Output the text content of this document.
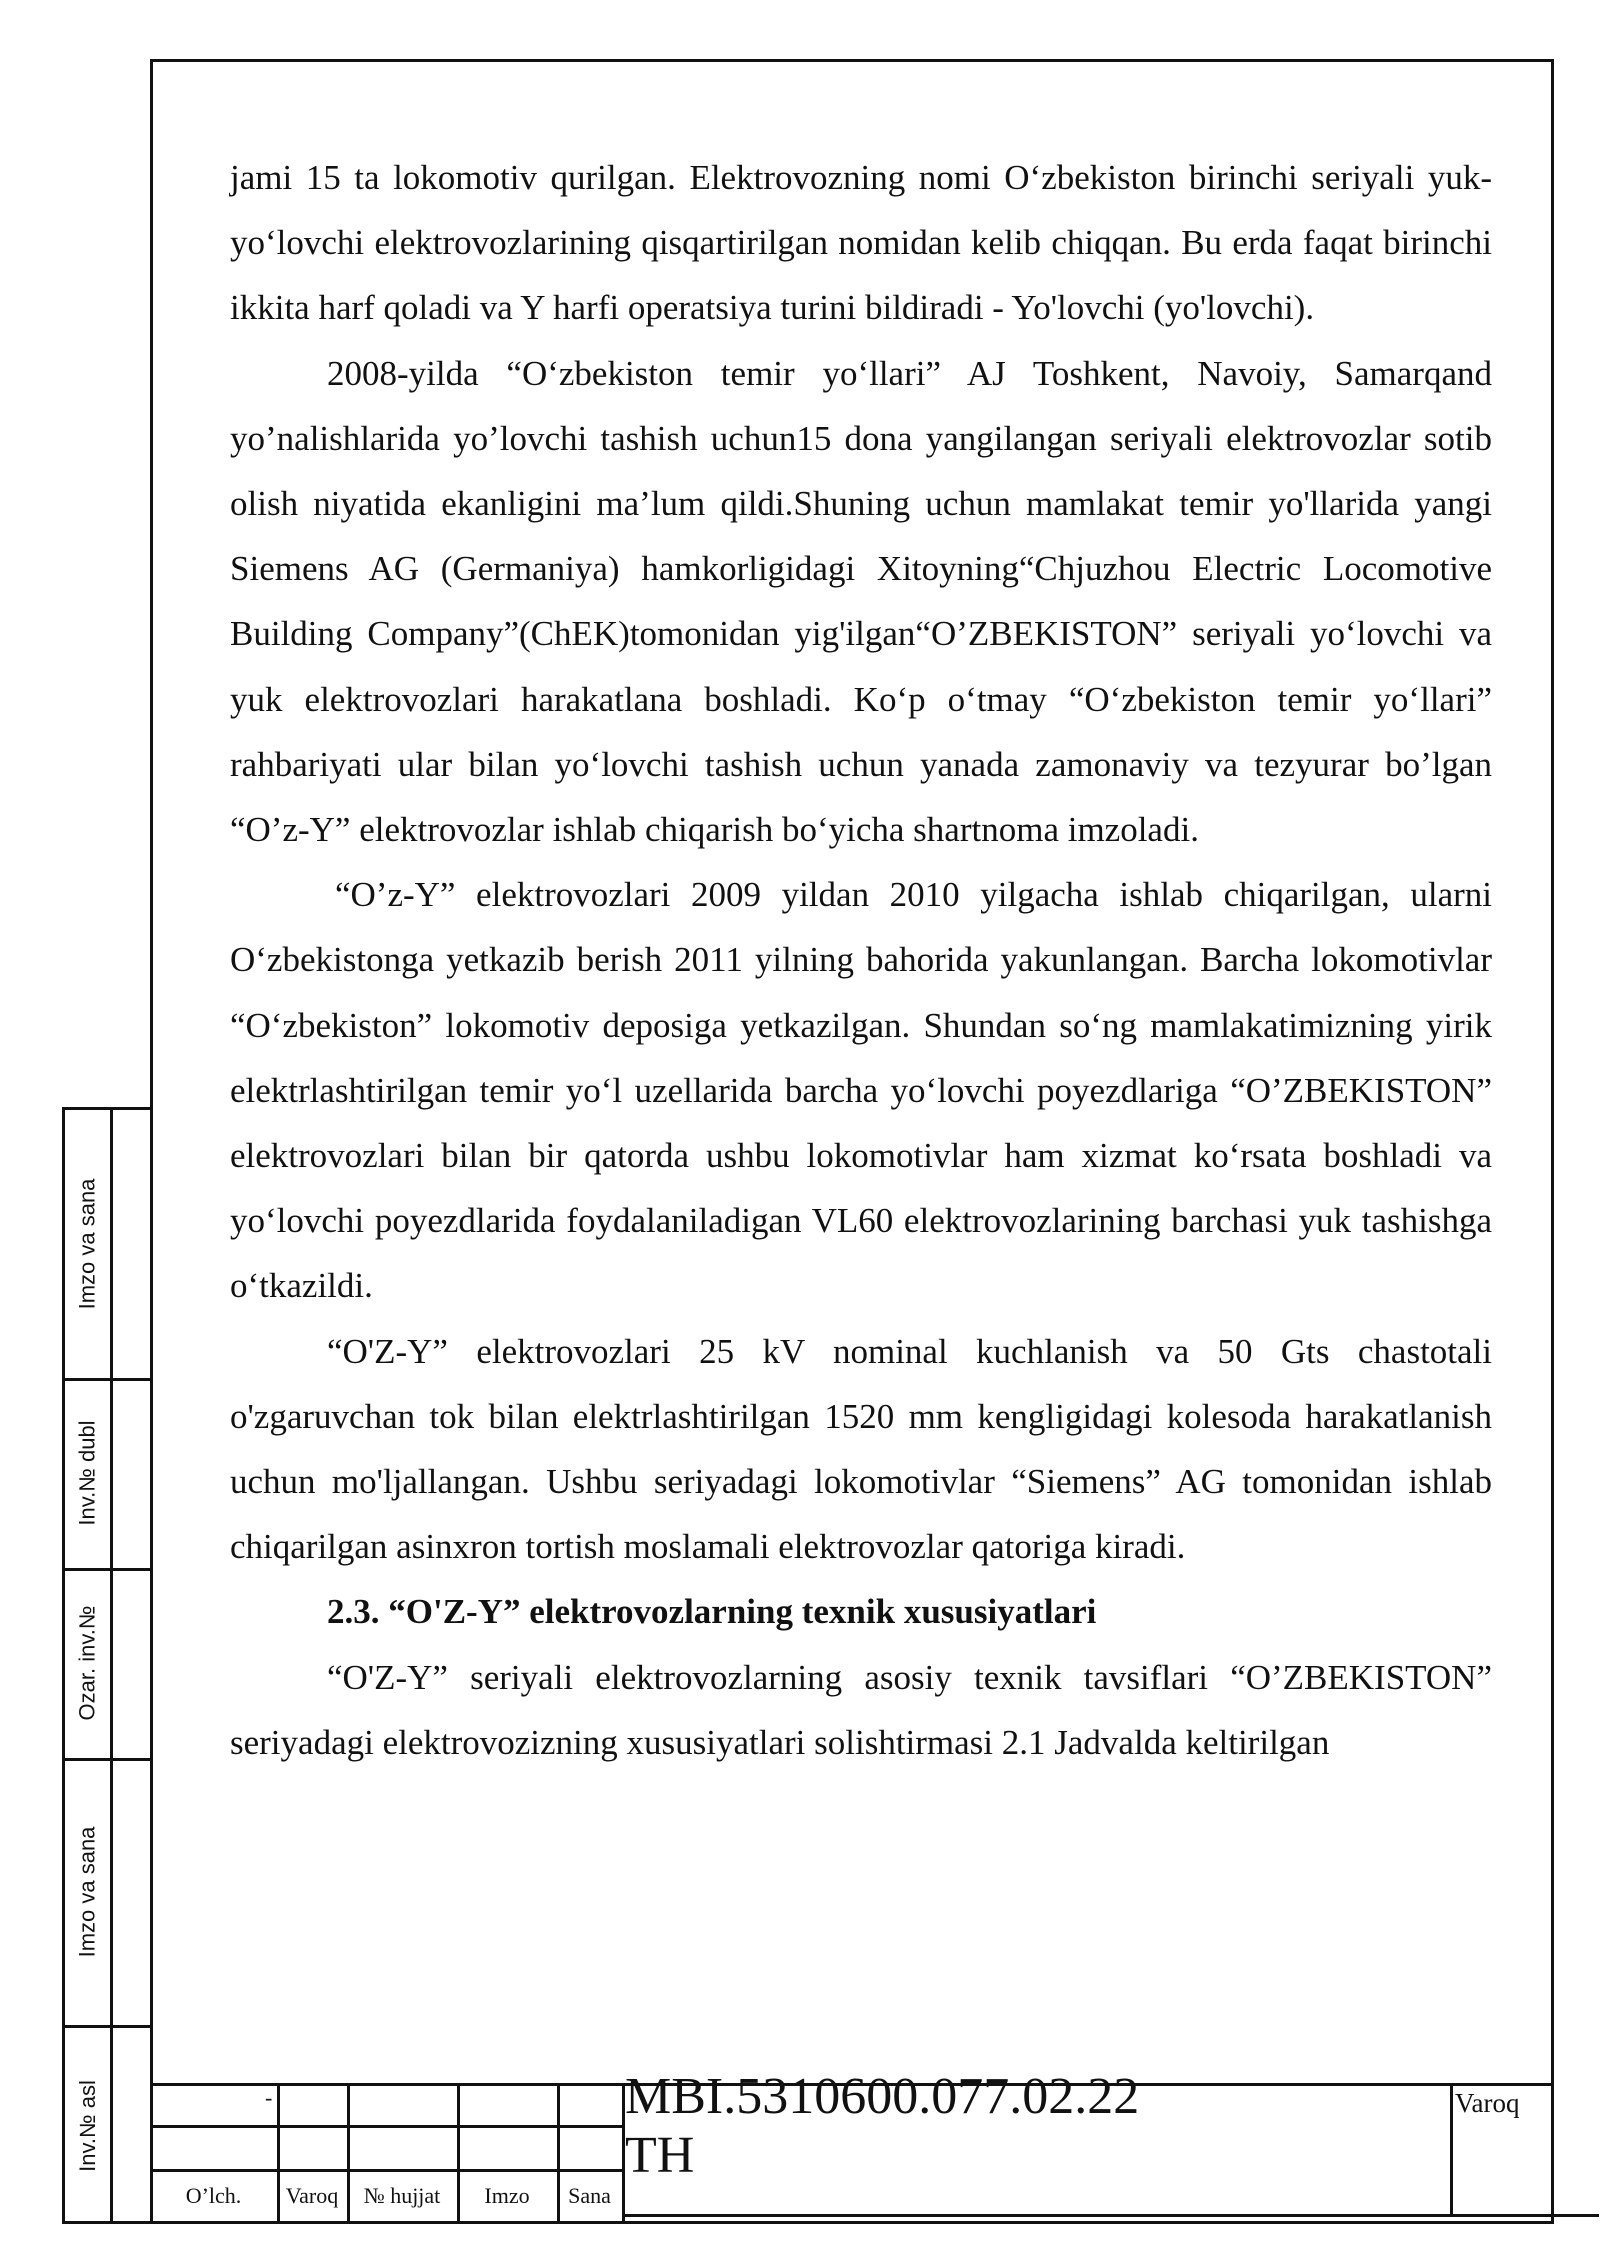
jami 15 ta lokomotiv qurilgan. Elektrovozning nomi Oʻzbekiston birinchi seriyali yuk-yoʻlovchi elektrovozlarining qisqartirilgan nomidan kelib chiqqan. Bu erda faqat birinchi ikkita harf qoladi va Y harfi operatsiya turini bildiradi - Yo'lovchi (yo'lovchi).

2008-yilda “Oʻzbekiston temir yoʻllari” AJ Toshkent, Navoiy, Samarqand yo’nalishlarida yo’lovchi tashish uchun15 dona yangilangan seriyali elektrovozlar sotib olish niyatida ekanligini ma’lum qildi.Shuning uchun mamlakat temir yo'llarida yangi Siemens AG (Germaniya) hamkorligidagi Xitoyning“Chjuzhou Electric Locomotive Building Company”(ChEK)tomonidan yig'ilgan“O’ZBEKISTON” seriyali yoʻlovchi va yuk elektrovozlari harakatlana boshladi. Koʻp oʻtmay “Oʻzbekiston temir yoʻllari” rahbariyati ular bilan yoʻlovchi tashish uchun yanada zamonaviy va tezyurar bo’lgan “O’z-Y” elektrovozlar ishlab chiqarish boʻyicha shartnoma imzoladi.

“O’z-Y” elektrovozlari 2009 yildan 2010 yilgacha ishlab chiqarilgan, ularni Oʻzbekistonga yetkazib berish 2011 yilning bahorida yakunlangan. Barcha lokomotivlar “Oʻzbekiston” lokomotiv deposiga yetkazilgan. Shundan soʻng mamlakatimizning yirik elektrlashtirilgan temir yoʻl uzellarida barcha yoʻlovchi poyezdlariga “O’ZBEKISTON” elektrovozlari bilan bir qatorda ushbu lokomotivlar ham xizmat koʻrsata boshladi va yoʻlovchi poyezdlarida foydalaniladigan VL60 elektrovozlarining barchasi yuk tashishga oʻtkazildi.

“O'Z-Y” elektrovozlari 25 kV nominal kuchlanish va 50 Gts chastotali o'zgaruvchan tok bilan elektrlashtirilgan 1520 mm kengligidagi kolesoda harakatlanish uchun mo'ljallangan. Ushbu seriyadagi lokomotivlar “Siemens” AG tomonidan ishlab chiqarilgan asinxron tortish moslamali elektrovozlar qatoriga kiradi.

2.3. “O'Z-Y” elektrovozlarning texnik xususiyatlari

“O'Z-Y” seriyali elektrovozlarning asosiy texnik tavsiflari “O’ZBEKISTON” seriyadagi elektrovozizning xususiyatlari solishtirmasi 2.1 Jadvalda keltirilgan

Imzo va sana
Inv.№ dubl
Ozar. inv.№
Imzo va sana
Inv.№ asl	-
O’lch.	Varoq	№ hujjat	Imzo	Sana
MBI.5310600.077.02.22 TH
Varoq
